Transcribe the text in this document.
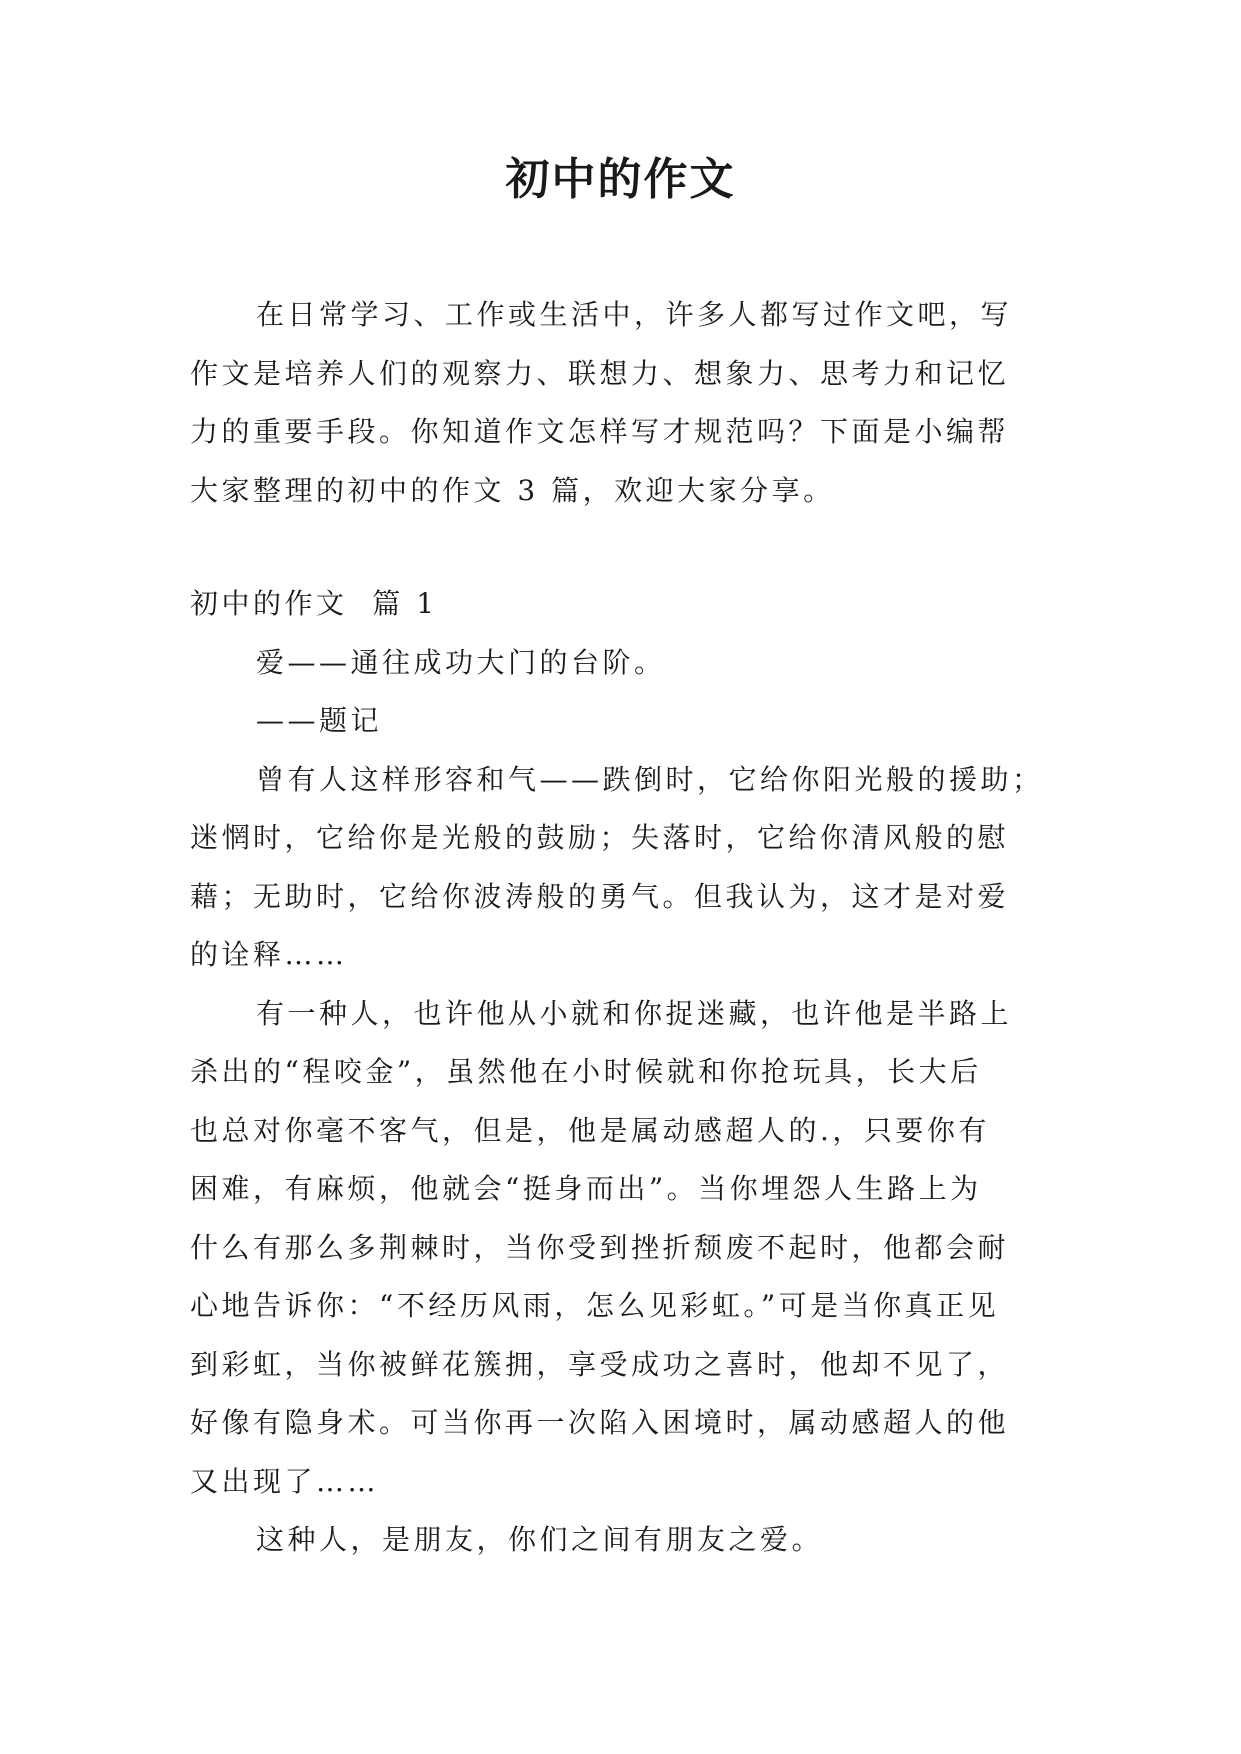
初中的作文
在日常学习、工作或生活中，许多人都写过作文吧，写
作文是培养人们的观察力、联想力、想象力、思考力和记忆
力的重要手段。你知道作文怎样写才规范吗？下面是小编帮
大家整理的初中的作文 3 篇，欢迎大家分享。
初中的作文  篇 1
爱——通往成功大门的台阶。
——题记
曾有人这样形容和气——跌倒时，它给你阳光般的援助；
迷惘时，它给你是光般的鼓励；失落时，它给你清风般的慰
藉；无助时，它给你波涛般的勇气。但我认为，这才是对爱
的诠释……
有一种人，也许他从小就和你捉迷藏，也许他是半路上
杀出的“程咬金”，虽然他在小时候就和你抢玩具，长大后
也总对你毫不客气，但是，他是属动感超人的.，只要你有
困难，有麻烦，他就会“挺身而出”。当你埋怨人生路上为
什么有那么多荆棘时，当你受到挫折颓废不起时，他都会耐
心地告诉你：“不经历风雨，怎么见彩虹。”可是当你真正见
到彩虹，当你被鲜花簇拥，享受成功之喜时，他却不见了，
好像有隐身术。可当你再一次陷入困境时，属动感超人的他
又出现了……
这种人，是朋友，你们之间有朋友之爱。
